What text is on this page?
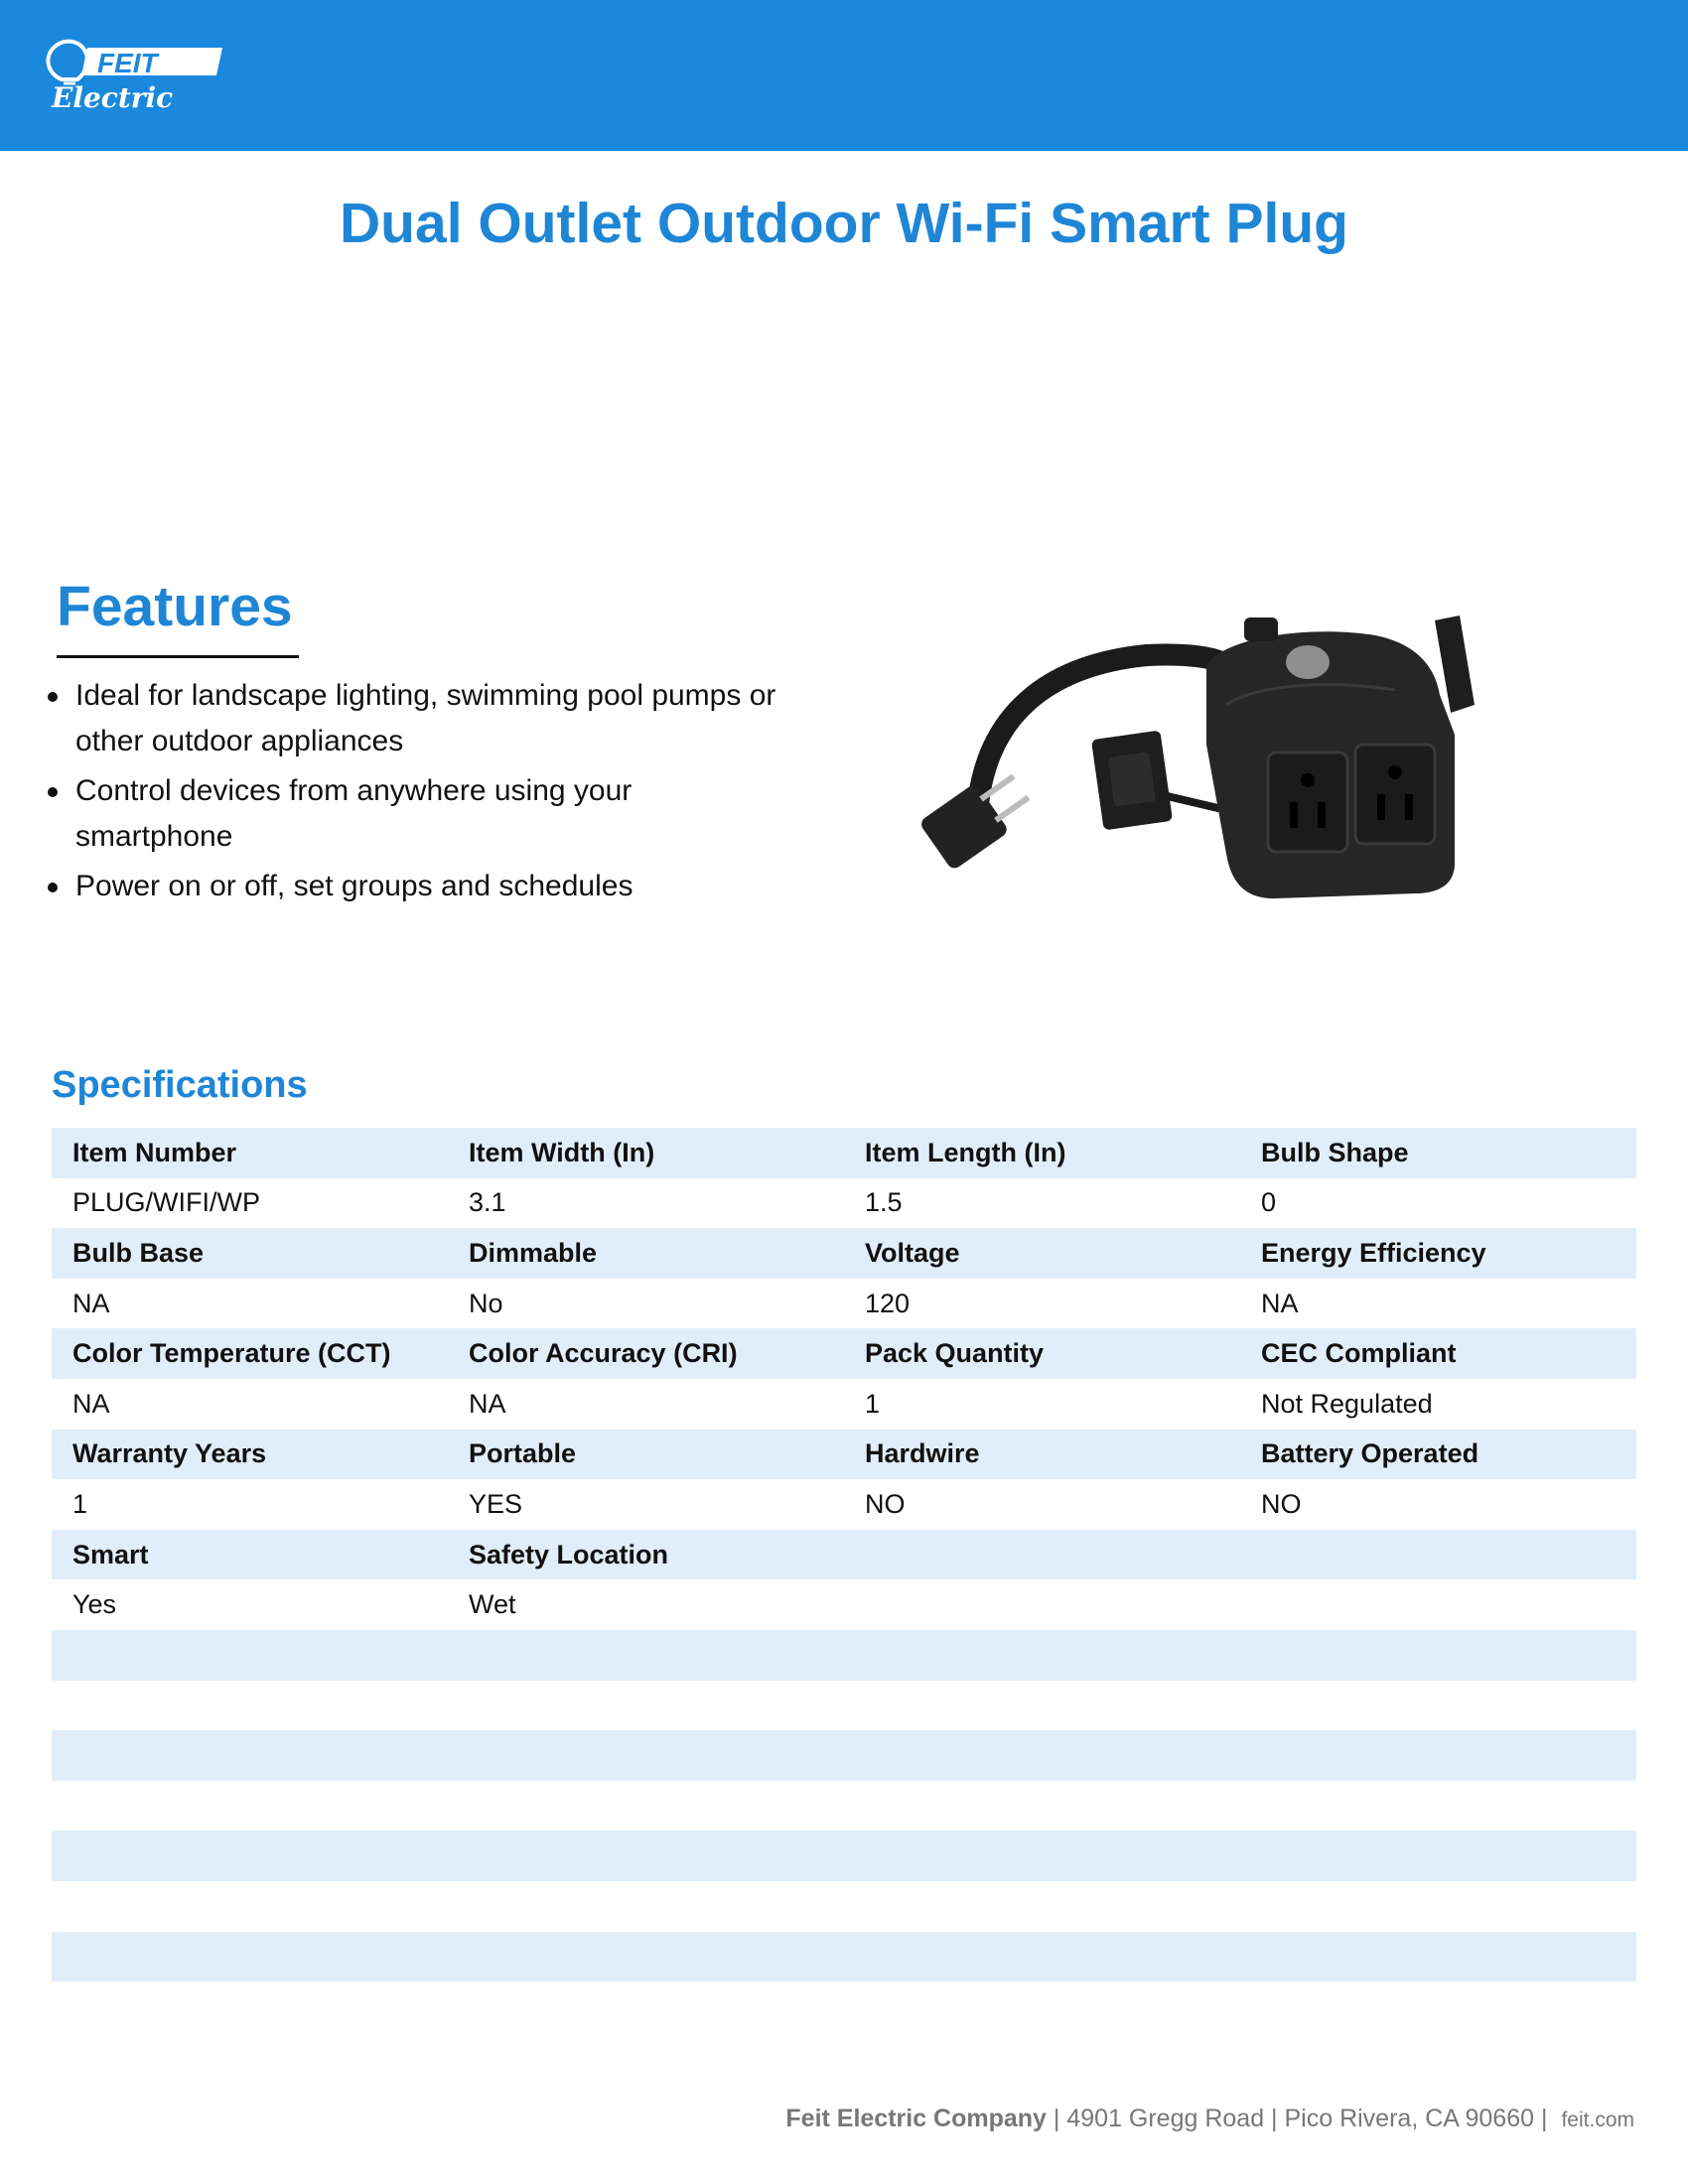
FEIT
Electric
Dual Outlet Outdoor Wi-Fi Smart Plug
Features
Ideal for landscape lighting, swimming pool pumps or other outdoor appliances
Control devices from anywhere using your smartphone
Power on or off, set groups and schedules
Specifications
Item Number	Item Width (In)	Item Length (In)	Bulb Shape
PLUG/WIFI/WP	3.1	1.5	0
Bulb Base	Dimmable	Voltage	Energy Efficiency
NA	No	120	NA
Color Temperature (CCT)	Color Accuracy (CRI)	Pack Quantity	CEC Compliant
NA	NA	1	Not Regulated
Warranty Years	Portable	Hardwire	Battery Operated
1	YES	NO	NO
Smart	Safety Location
Yes	Wet
Feit Electric Company | 4901 Gregg Road | Pico Rivera, CA 90660 | feit.com
